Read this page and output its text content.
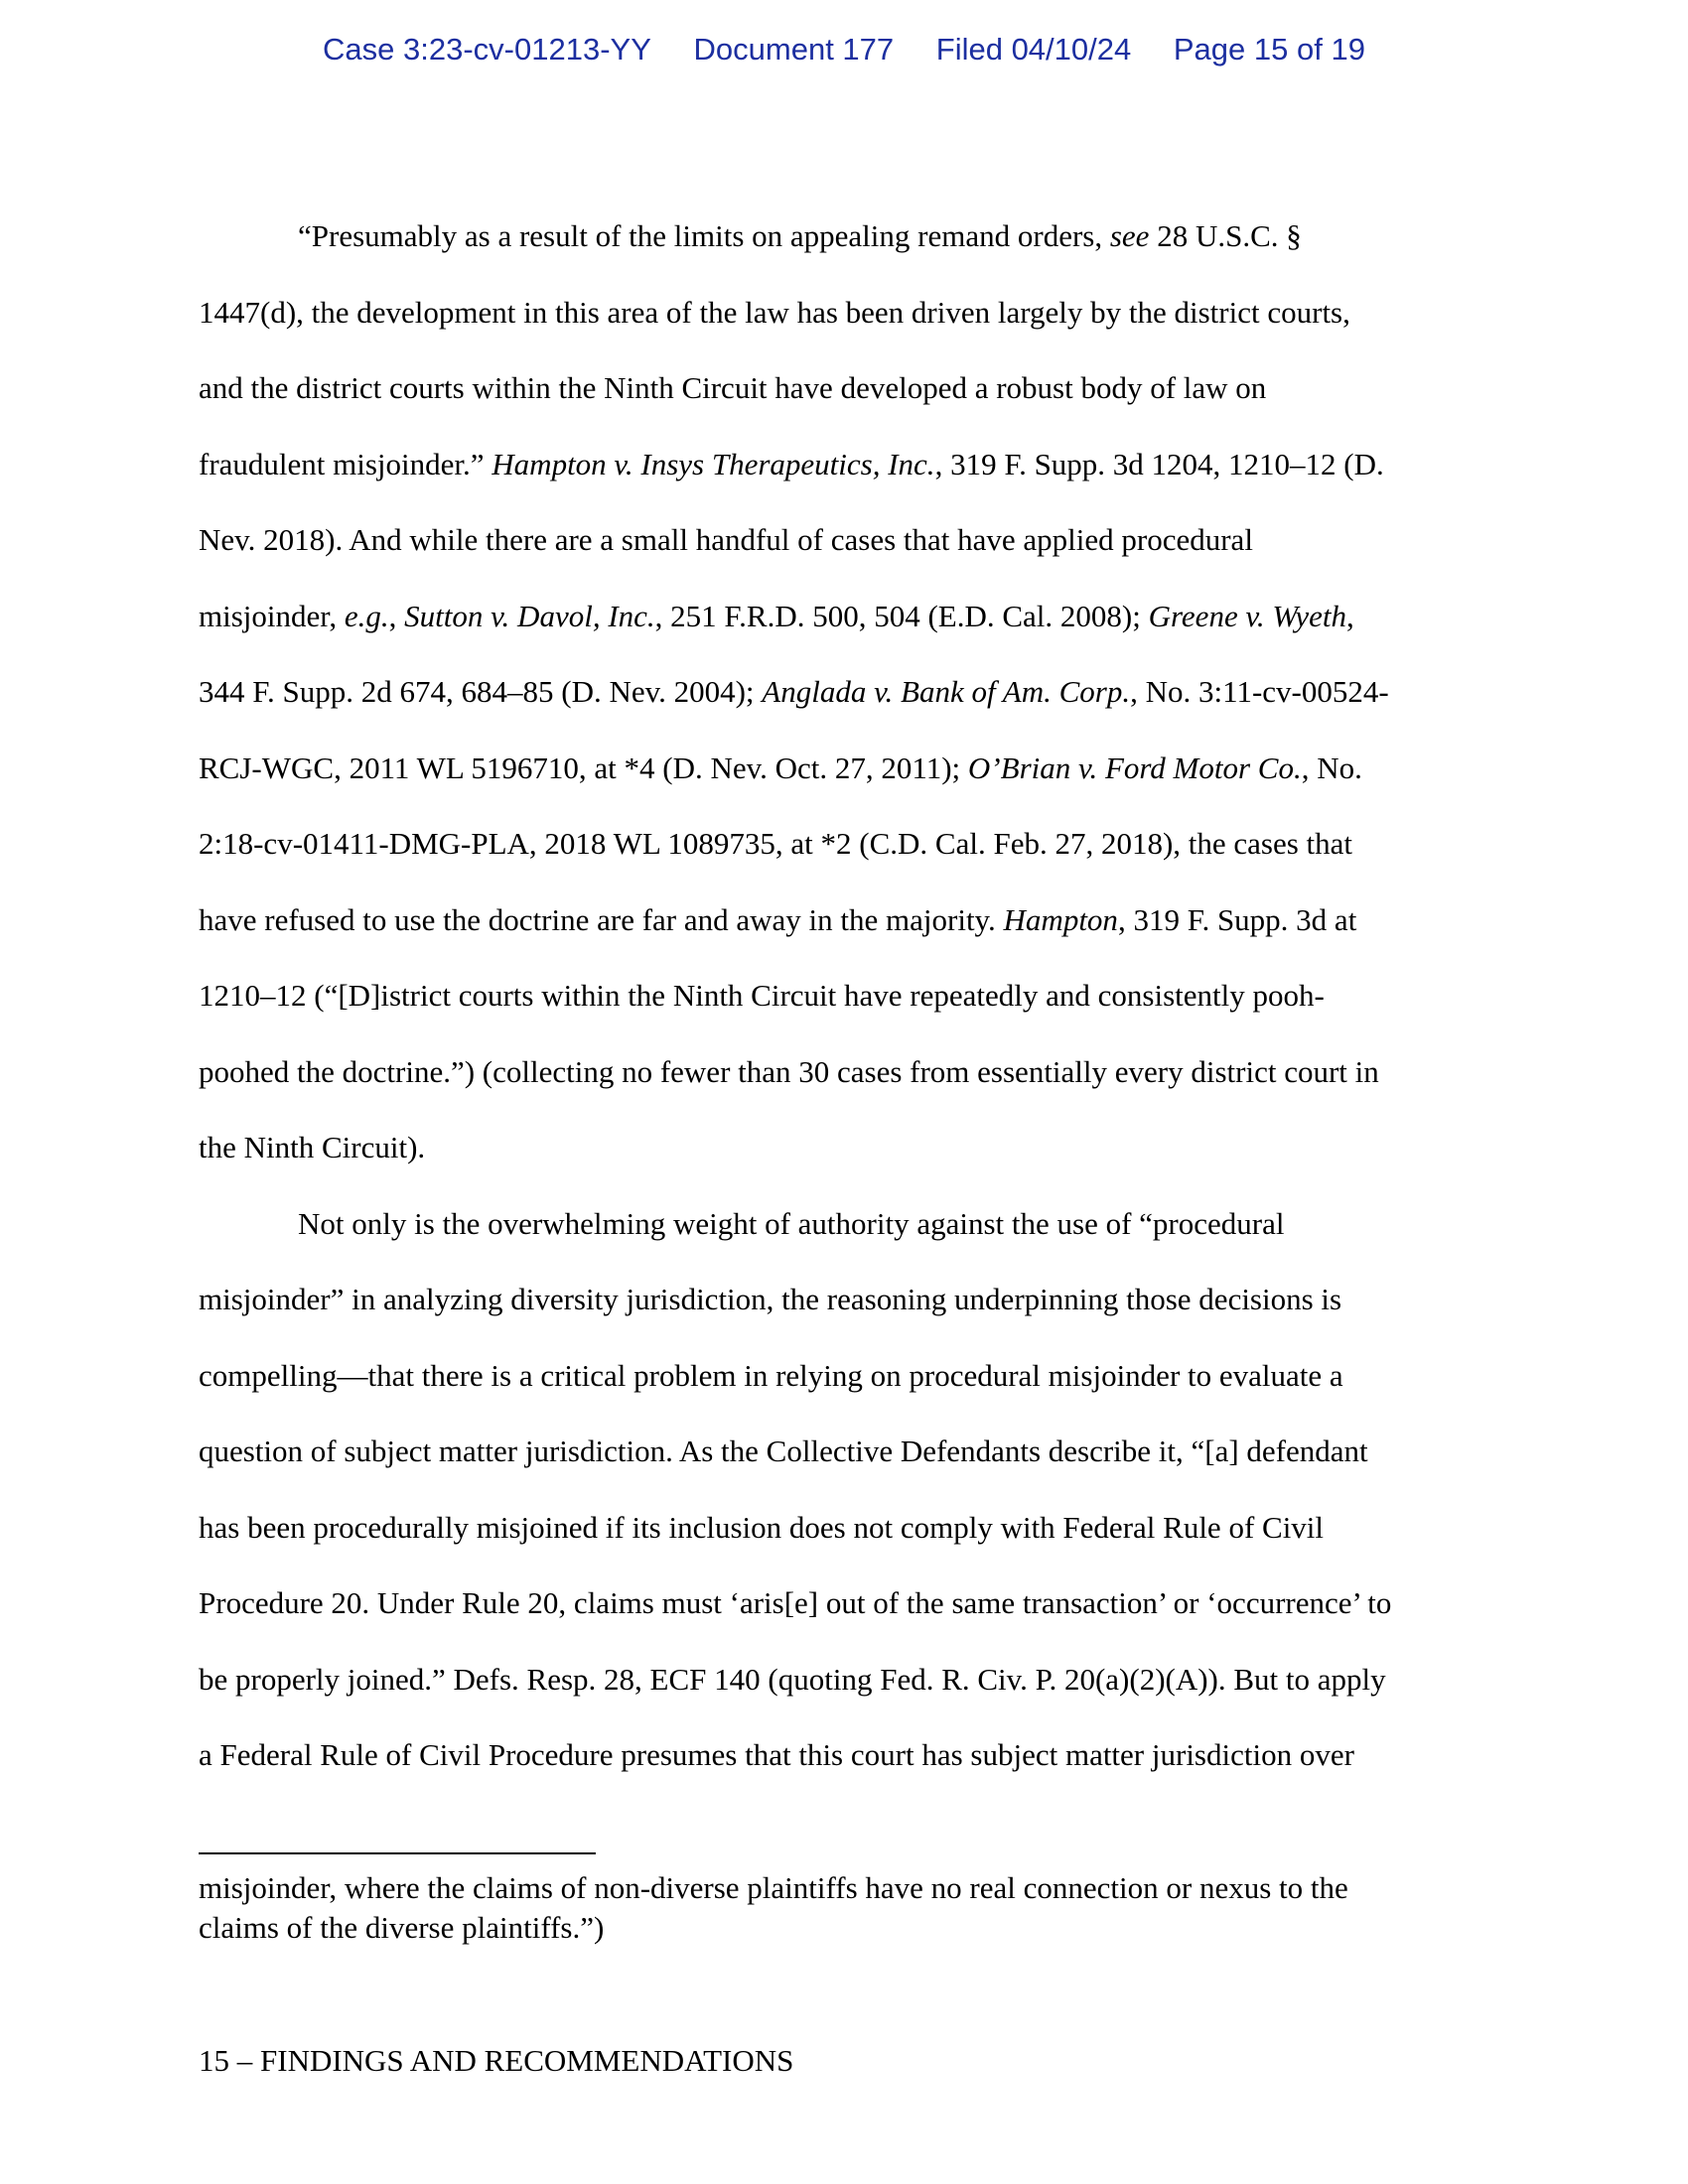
Case 3:23-cv-01213-YY Document 177 Filed 04/10/24 Page 15 of 19
“Presumably as a result of the limits on appealing remand orders, see 28 U.S.C. §
1447(d), the development in this area of the law has been driven largely by the district courts,
and the district courts within the Ninth Circuit have developed a robust body of law on
fraudulent misjoinder.” Hampton v. Insys Therapeutics, Inc., 319 F. Supp. 3d 1204, 1210–12 (D.
Nev. 2018). And while there are a small handful of cases that have applied procedural
misjoinder, e.g., Sutton v. Davol, Inc., 251 F.R.D. 500, 504 (E.D. Cal. 2008); Greene v. Wyeth,
344 F. Supp. 2d 674, 684–85 (D. Nev. 2004); Anglada v. Bank of Am. Corp., No. 3:11-cv-00524-
RCJ-WGC, 2011 WL 5196710, at *4 (D. Nev. Oct. 27, 2011); O’Brian v. Ford Motor Co., No.
2:18-cv-01411-DMG-PLA, 2018 WL 1089735, at *2 (C.D. Cal. Feb. 27, 2018), the cases that
have refused to use the doctrine are far and away in the majority. Hampton, 319 F. Supp. 3d at
1210–12 (“[D]istrict courts within the Ninth Circuit have repeatedly and consistently pooh-
poohed the doctrine.”) (collecting no fewer than 30 cases from essentially every district court in
the Ninth Circuit).
Not only is the overwhelming weight of authority against the use of “procedural
misjoinder” in analyzing diversity jurisdiction, the reasoning underpinning those decisions is
compelling—that there is a critical problem in relying on procedural misjoinder to evaluate a
question of subject matter jurisdiction. As the Collective Defendants describe it, “[a] defendant
has been procedurally misjoined if its inclusion does not comply with Federal Rule of Civil
Procedure 20. Under Rule 20, claims must ‘aris[e] out of the same transaction’ or ‘occurrence’ to
be properly joined.” Defs. Resp. 28, ECF 140 (quoting Fed. R. Civ. P. 20(a)(2)(A)). But to apply
a Federal Rule of Civil Procedure presumes that this court has subject matter jurisdiction over
misjoinder, where the claims of non-diverse plaintiffs have no real connection or nexus to the
claims of the diverse plaintiffs.”)
15 – FINDINGS AND RECOMMENDATIONS
